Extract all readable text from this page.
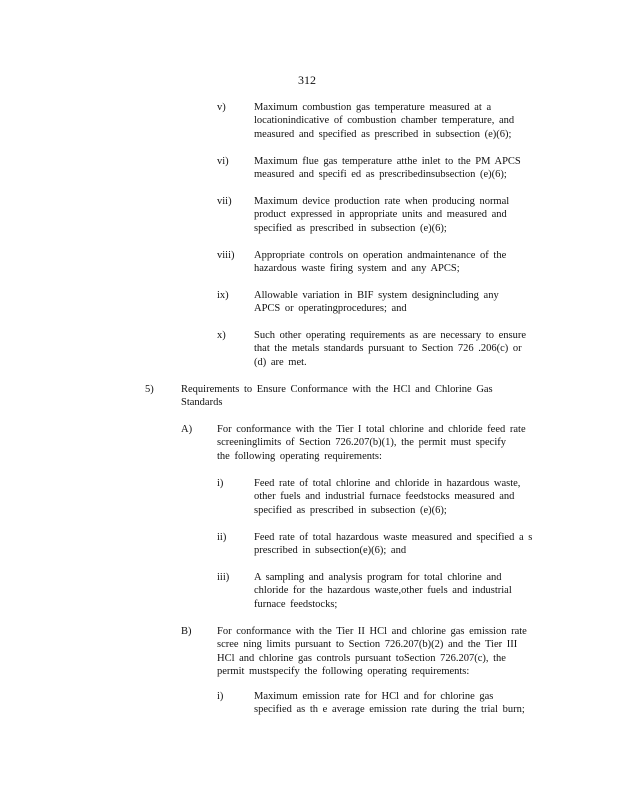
312
v)	Maximum combustion gas temperature measured at a
locationindicative of combustion chamber temperature, and
measured and specified as prescribed in subsection (e)(6);
vi) Maximum flue gas temperature atthe inlet to the PM APCS
measured and specifi ed as prescribedinsubsection (e)(6);
vii) Maximum device production rate when producing normal
product expressed in appropriate units and measured and
specified as prescribed in subsection (e)(6);
viii) Appropriate controls on operation andmaintenance of the
hazardous waste firing system and any APCS;
ix) Allowable variation in BIF system designincluding any
APCS or operatingprocedures; and
x)	Such other operating requirements as are necessary to ensure
that the metals standards pursuant to Section 726 .206(c) or
(d) are met.
5)	Requirements to Ensure Conformance with the HCl and Chlorine Gas
Standards
A) For conformance with the Tier I total chlorine and chloride feed rate
screeninglimits of Section 726.207(b)(1), the permit must specify
the following operating requirements:
i)	Feed rate of total chlorine and chloride in hazardous waste,
other fuels and industrial furnace feedstocks measured and
specified as prescribed in subsection (e)(6);
ii)	Feed rate of total hazardous waste measured and specified a s
prescribed in subsection(e)(6); and
iii) A sampling and analysis program for total chlorine and
chloride for the hazardous waste,other fuels and industrial
furnace feedstocks;
B) For conformance with the Tier II HCl and chlorine gas emission rate
scree ning limits pursuant to Section 726.207(b)(2) and the Tier III
HCl and chlorine gas controls pursuant toSection 726.207(c), the
permit mustspecify the following operating requirements:
i)	Maximum emission rate for HCl and for chlorine gas
specified as th e average emission rate during the trial burn;
